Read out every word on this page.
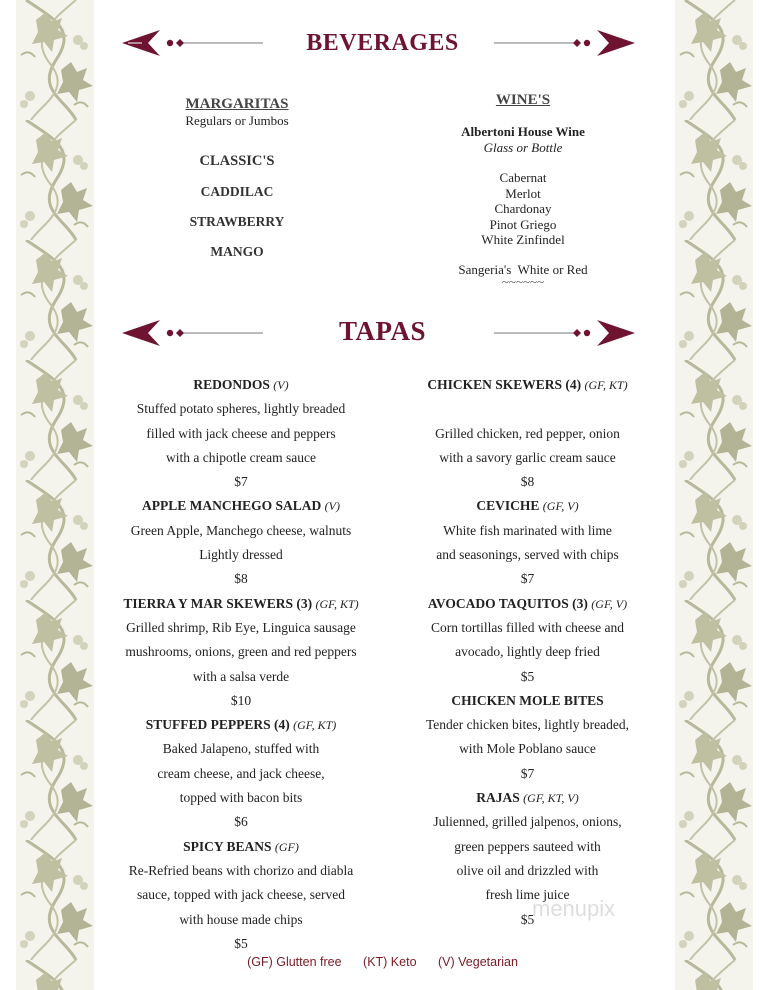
BEVERAGES
MARGARITAS
Regulars or Jumbos
CLASSIC'S
CADDILAC
STRAWBERRY
MANGO
WINE'S
Albertoni House Wine
Glass or Bottle
Cabernat
Merlot
Chardonay
Pinot Griego
White Zinfindel
Sangeria's  White or Red
~~~~~~
TAPAS
REDONDOS (V)
Stuffed potato spheres, lightly breaded
filled with jack cheese and peppers
with a chipotle cream sauce
$7
APPLE MANCHEGO SALAD (V)
Green Apple, Manchego cheese, walnuts
Lightly dressed
$8
TIERRA Y MAR SKEWERS (3) (GF, KT)
Grilled shrimp, Rib Eye, Linguica sausage
mushrooms, onions, green and red peppers
with a salsa verde
$10
STUFFED PEPPERS (4) (GF, KT)
Baked Jalapeno, stuffed with
cream cheese, and jack cheese,
topped with bacon bits
$6
SPICY BEANS (GF)
Re-Refried beans with chorizo and diabla
sauce, topped with jack cheese, served
with house made chips
$5
CHICKEN SKEWERS (4) (GF, KT)
Grilled chicken, red pepper, onion
with a savory garlic cream sauce
$8
CEVICHE (GF, V)
White fish marinated with lime
and seasonings, served with chips
$7
AVOCADO TAQUITOS (3) (GF, V)
Corn tortillas filled with cheese and
avocado, lightly deep fried
$5
CHICKEN MOLE BITES
Tender chicken bites, lightly breaded,
with Mole Poblano sauce
$7
RAJAS (GF, KT, V)
Julienned, grilled jalpenos, onions,
green peppers sauteed with
olive oil and drizzled with
fresh lime juice
$5
(GF) Glutten free (KT) Keto (V) Vegetarian
menupix
